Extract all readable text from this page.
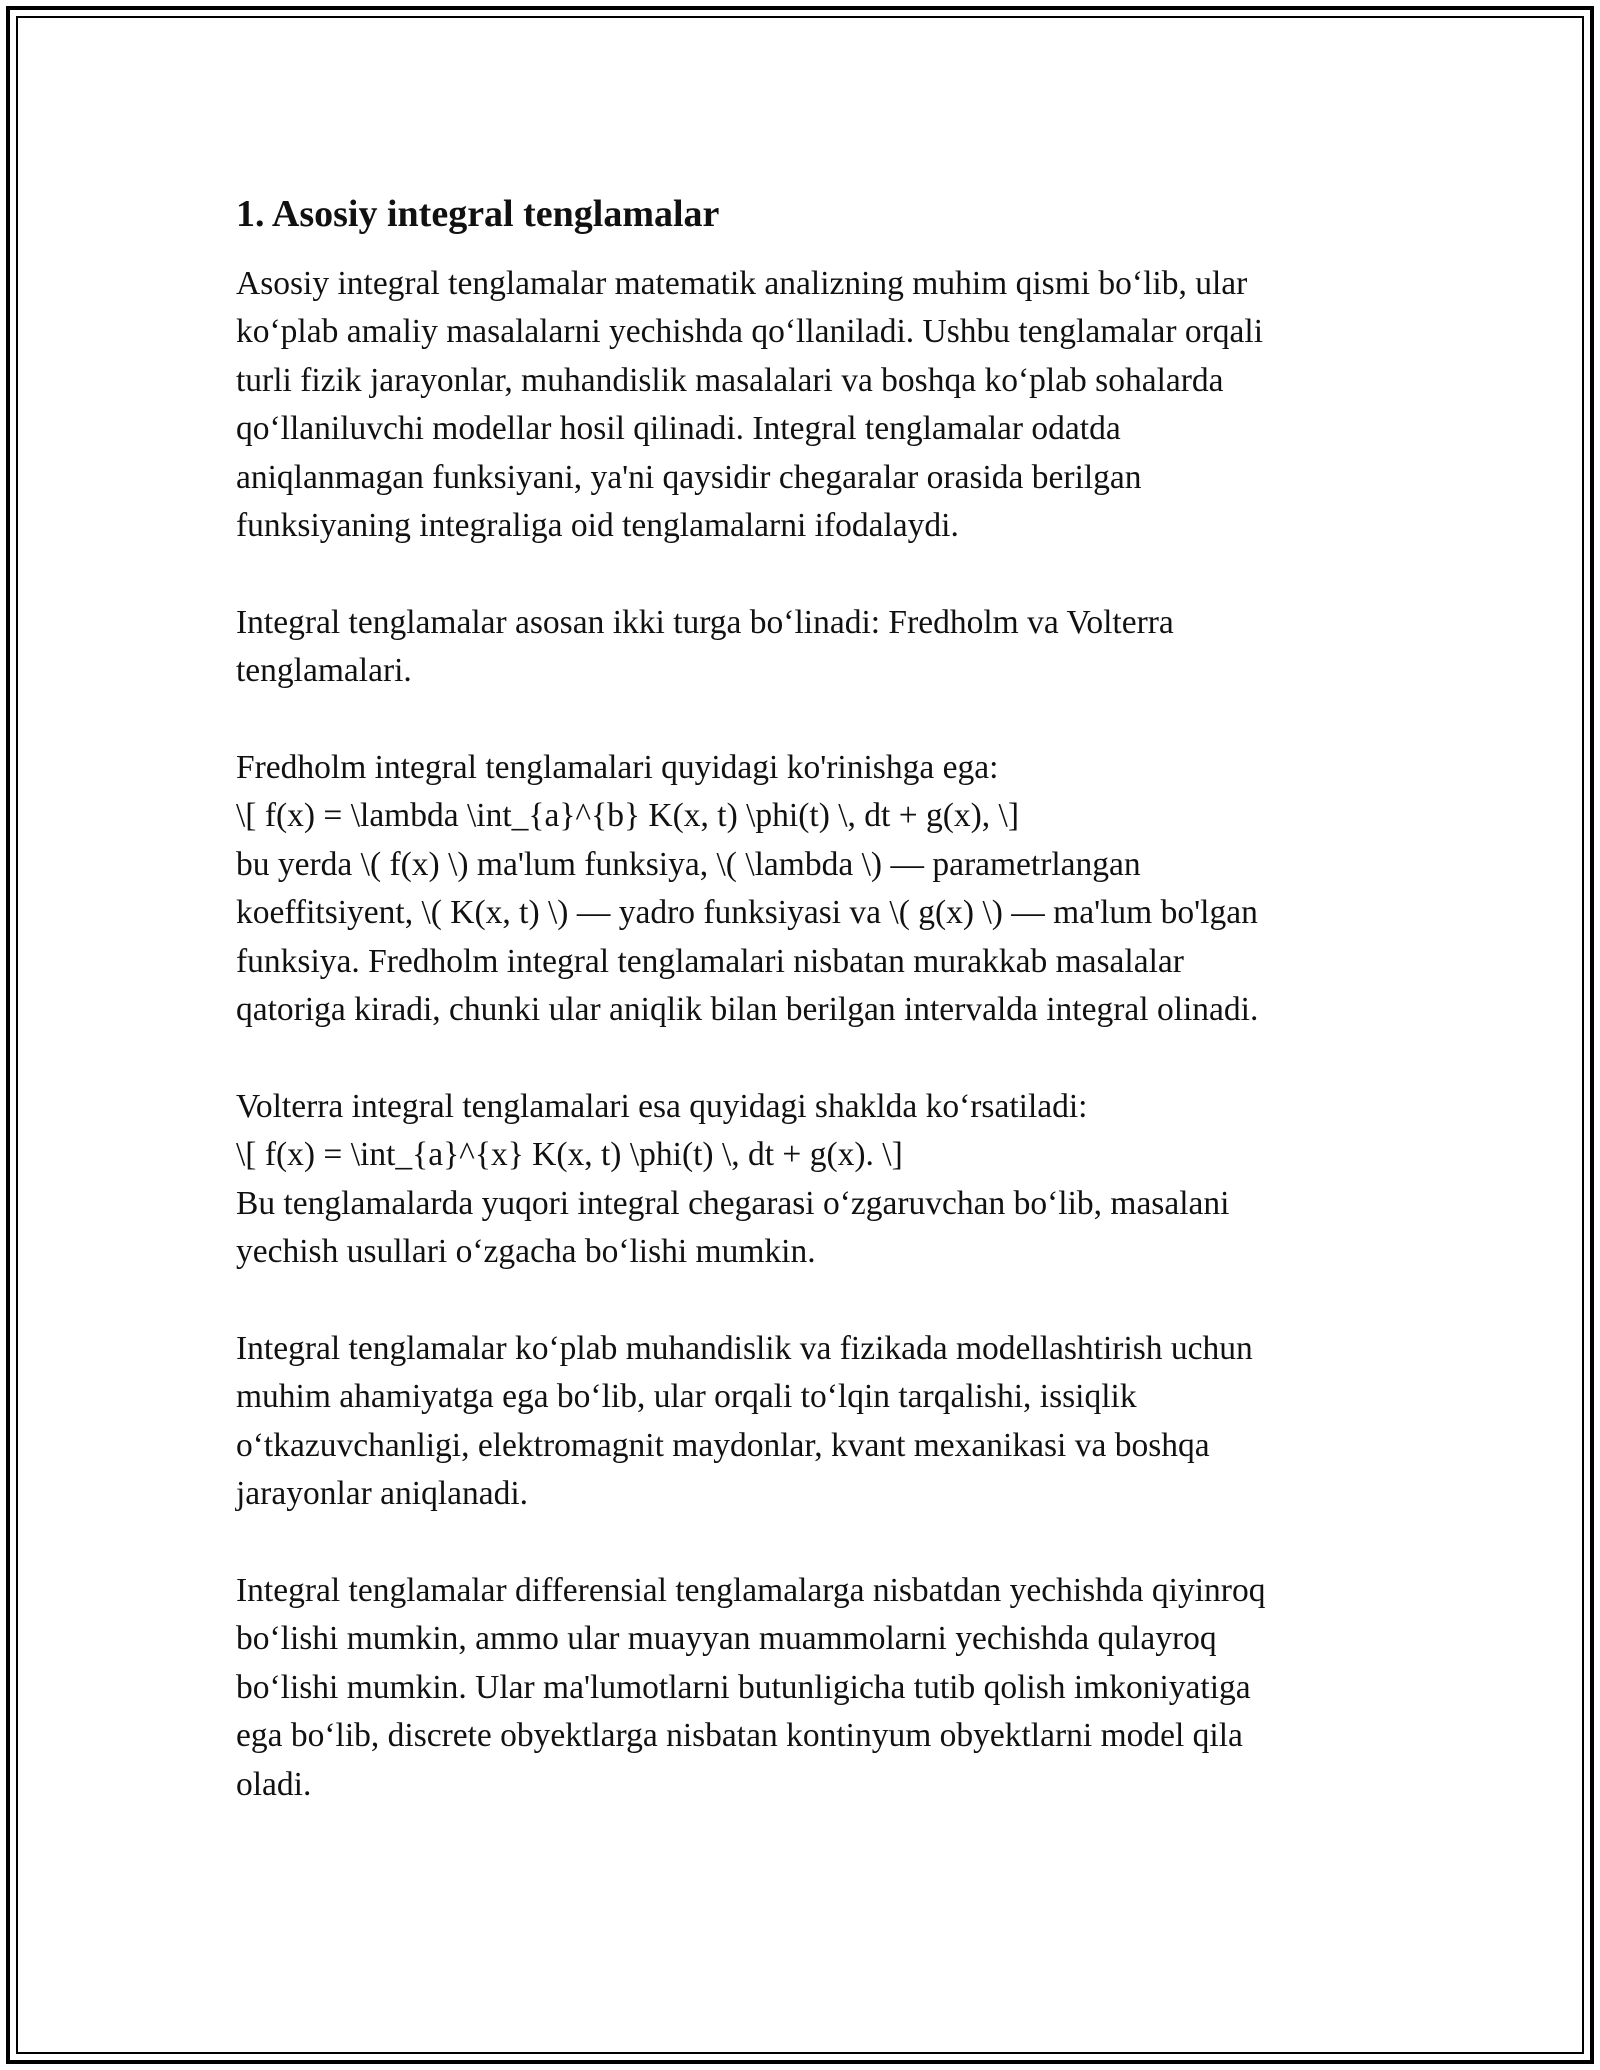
1. Asosiy integral tenglamalar
Asosiy integral tenglamalar matematik analizning muhim qismi bo‘lib, ular
ko‘plab amaliy masalalarni yechishda qo‘llaniladi. Ushbu tenglamalar orqali
turli fizik jarayonlar, muhandislik masalalari va boshqa ko‘plab sohalarda
qo‘llaniluvchi modellar hosil qilinadi. Integral tenglamalar odatda
aniqlanmagan funksiyani, ya'ni qaysidir chegaralar orasida berilgan
funksiyaning integraliga oid tenglamalarni ifodalaydi.
Integral tenglamalar asosan ikki turga bo‘linadi: Fredholm va Volterra
tenglamalari.
Fredholm integral tenglamalari quyidagi ko'rinishga ega:
\[ f(x) = \lambda \int_{a}^{b} K(x, t) \phi(t) \, dt + g(x), \]
bu yerda \( f(x) \) ma'lum funksiya, \( \lambda \) — parametrlangan
koeffitsiyent, \( K(x, t) \) — yadro funksiyasi va \( g(x) \) — ma'lum bo'lgan
funksiya. Fredholm integral tenglamalari nisbatan murakkab masalalar
qatoriga kiradi, chunki ular aniqlik bilan berilgan intervalda integral olinadi.
Volterra integral tenglamalari esa quyidagi shaklda ko‘rsatiladi:
\[ f(x) = \int_{a}^{x} K(x, t) \phi(t) \, dt + g(x). \]
Bu tenglamalarda yuqori integral chegarasi o‘zgaruvchan bo‘lib, masalani
yechish usullari o‘zgacha bo‘lishi mumkin.
Integral tenglamalar ko‘plab muhandislik va fizikada modellashtirish uchun
muhim ahamiyatga ega bo‘lib, ular orqali to‘lqin tarqalishi, issiqlik
o‘tkazuvchanligi, elektromagnit maydonlar, kvant mexanikasi va boshqa
jarayonlar aniqlanadi.
Integral tenglamalar differensial tenglamalarga nisbatdan yechishda qiyinroq
bo‘lishi mumkin, ammo ular muayyan muammolarni yechishda qulayroq
bo‘lishi mumkin. Ular ma'lumotlarni butunligicha tutib qolish imkoniyatiga
ega bo‘lib, discrete obyektlarga nisbatan kontinyum obyektlarni model qila
oladi.
